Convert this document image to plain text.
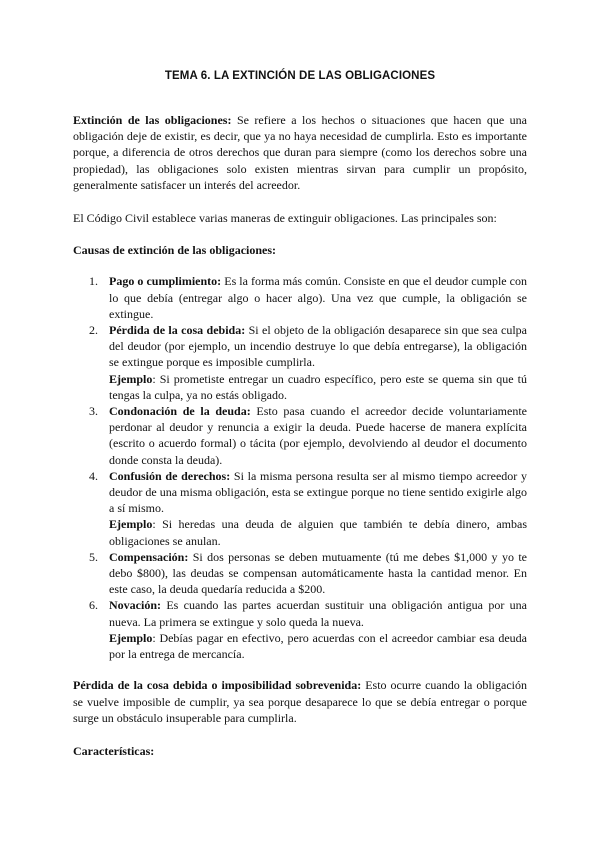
TEMA 6. LA EXTINCIÓN DE LAS OBLIGACIONES

Extinción de las obligaciones: Se refiere a los hechos o situaciones que hacen que una obligación deje de existir, es decir, que ya no haya necesidad de cumplirla. Esto es importante porque, a diferencia de otros derechos que duran para siempre (como los derechos sobre una propiedad), las obligaciones solo existen mientras sirvan para cumplir un propósito, generalmente satisfacer un interés del acreedor.

El Código Civil establece varias maneras de extinguir obligaciones. Las principales son:

Causas de extinción de las obligaciones:

1. Pago o cumplimiento: Es la forma más común. Consiste en que el deudor cumple con lo que debía (entregar algo o hacer algo). Una vez que cumple, la obligación se extingue.
2. Pérdida de la cosa debida: Si el objeto de la obligación desaparece sin que sea culpa del deudor (por ejemplo, un incendio destruye lo que debía entregarse), la obligación se extingue porque es imposible cumplirla.
Ejemplo: Si prometiste entregar un cuadro específico, pero este se quema sin que tú tengas la culpa, ya no estás obligado.
3. Condonación de la deuda: Esto pasa cuando el acreedor decide voluntariamente perdonar al deudor y renuncia a exigir la deuda. Puede hacerse de manera explícita (escrito o acuerdo formal) o tácita (por ejemplo, devolviendo al deudor el documento donde consta la deuda).
4. Confusión de derechos: Si la misma persona resulta ser al mismo tiempo acreedor y deudor de una misma obligación, esta se extingue porque no tiene sentido exigirle algo a sí mismo.
Ejemplo: Si heredas una deuda de alguien que también te debía dinero, ambas obligaciones se anulan.
5. Compensación: Si dos personas se deben mutuamente (tú me debes $1,000 y yo te debo $800), las deudas se compensan automáticamente hasta la cantidad menor. En este caso, la deuda quedaría reducida a $200.
6. Novación: Es cuando las partes acuerdan sustituir una obligación antigua por una nueva. La primera se extingue y solo queda la nueva.
Ejemplo: Debías pagar en efectivo, pero acuerdas con el acreedor cambiar esa deuda por la entrega de mercancía.

Pérdida de la cosa debida o imposibilidad sobrevenida: Esto ocurre cuando la obligación se vuelve imposible de cumplir, ya sea porque desaparece lo que se debía entregar o porque surge un obstáculo insuperable para cumplirla.

Características:
